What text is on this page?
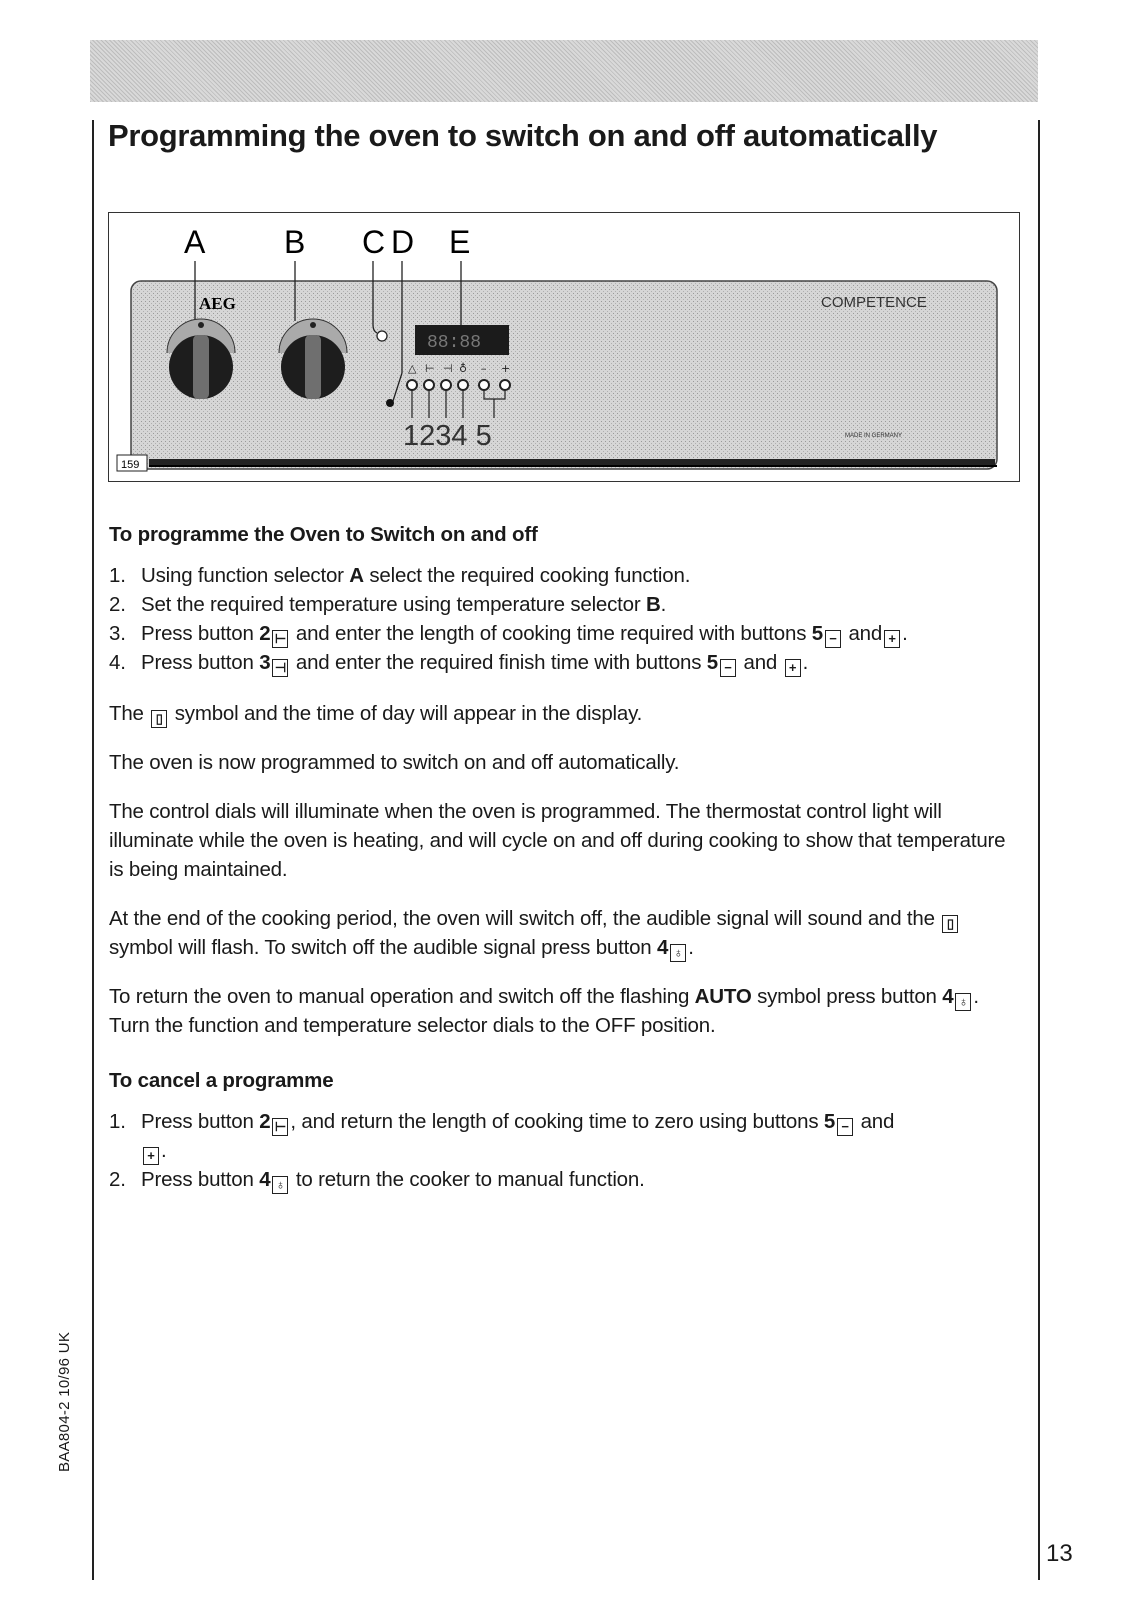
Programming the oven to switch on and off automatically
A B C D E
AEG	COMPETENCE
MADE IN GERMANY
88:88
△ ⊢ ⊣ ♁ – +
1234 5
159

To programme the Oven to Switch on and off

1. Using function selector A select the required cooking function.
2. Set the required temperature using temperature selector B.
3. Press button 2 ⊢ and enter the length of cooking time required with buttons 5 − and + .
4. Press button 3 ⊣ and enter the required finish time with buttons 5 − and + .

The ▯ symbol and the time of day will appear in the display.

The oven is now programmed to switch on and off automatically.

The control dials will illuminate when the oven is programmed. The thermostat control light will illuminate while the oven is heating, and will cycle on and off during cooking to show that temperature is being maintained.

At the end of the cooking period, the oven will switch off, the audible signal will sound and the ▯ symbol will flash. To switch off the audible signal press button 4 ♁ .

To return the oven to manual operation and switch off the flashing AUTO symbol press button 4 ♁ . Turn the function and temperature selector dials to the OFF position.

To cancel a programme

1. Press button 2 ⊢ , and return the length of cooking time to zero using buttons 5 − and
+ .
2. Press button 4 ♁ to return the cooker to manual function.
BAA804-2 10/96 UK
13
